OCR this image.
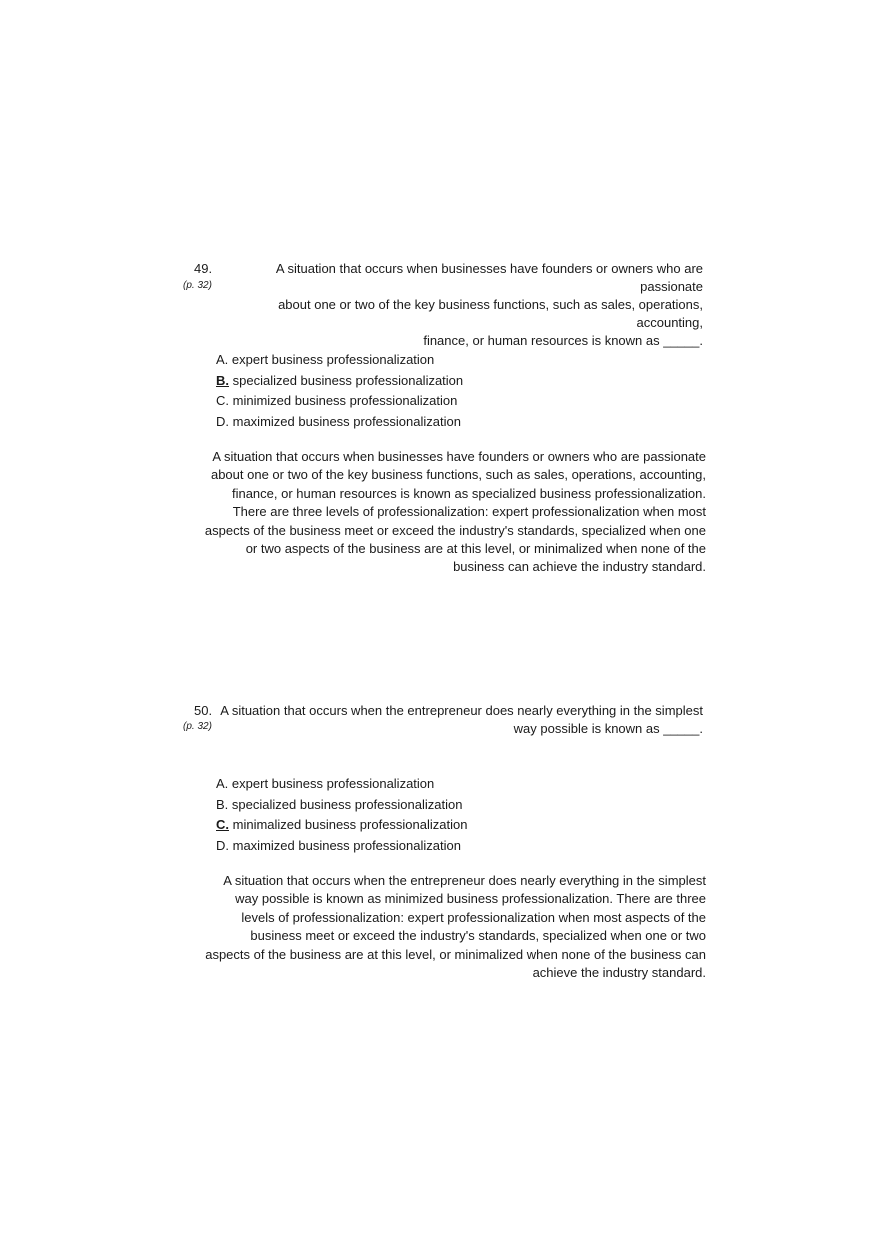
49.
(p. 32)

A situation that occurs when businesses have founders or owners who are passionate
about one or two of the key business functions, such as sales, operations, accounting,
finance, or human resources is known as _____.

A. expert business professionalization
B. specialized business professionalization
C. minimized business professionalization
D. maximized business professionalization

A situation that occurs when businesses have founders or owners who are passionate
about one or two of the key business functions, such as sales, operations, accounting,
finance, or human resources is known as specialized business professionalization.
There are three levels of professionalization: expert professionalization when most
aspects of the business meet or exceed the industry's standards, specialized when one
or two aspects of the business are at this level, or minimalized when none of the
business can achieve the industry standard.

50.
(p. 32)

A situation that occurs when the entrepreneur does nearly everything in the simplest
way possible is known as _____.

A. expert business professionalization
B. specialized business professionalization
C. minimalized business professionalization
D. maximized business professionalization

A situation that occurs when the entrepreneur does nearly everything in the simplest
way possible is known as minimized business professionalization. There are three
levels of professionalization: expert professionalization when most aspects of the
business meet or exceed the industry's standards, specialized when one or two
aspects of the business are at this level, or minimalized when none of the business can
achieve the industry standard.
